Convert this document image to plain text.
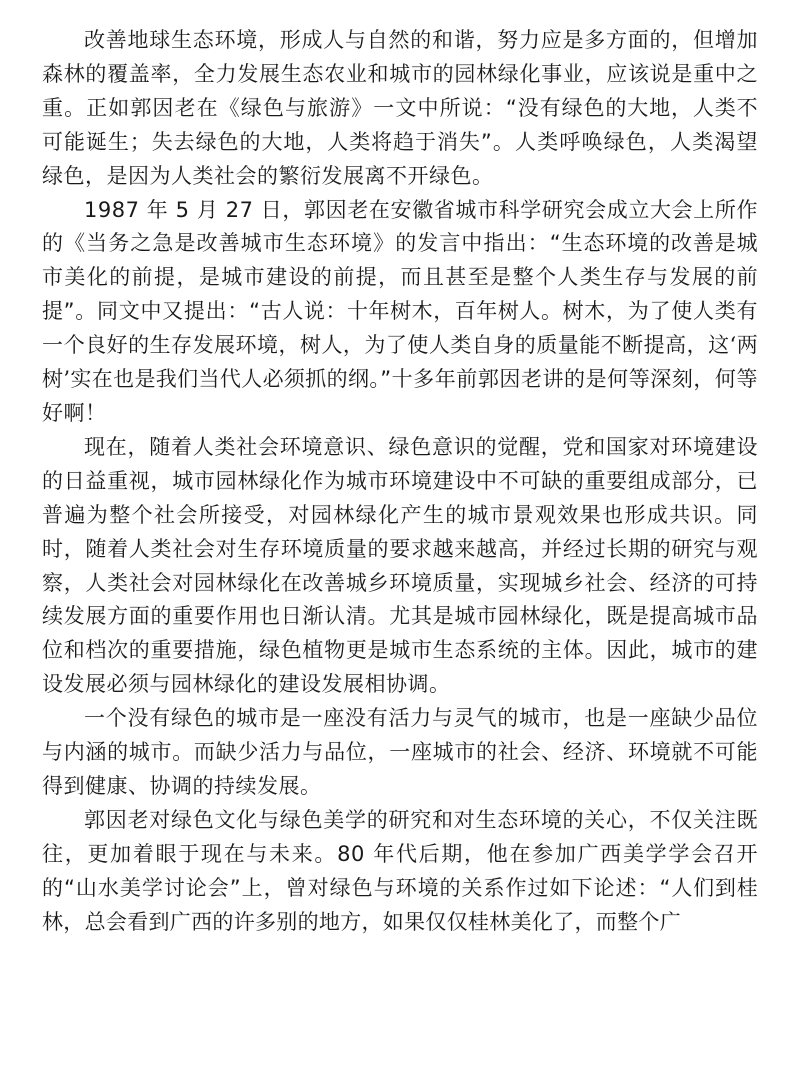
改善地球生态环境，形成人与自然的和谐，努力应是多方面的，但增加森林的覆盖率，全力发展生态农业和城市的园林绿化事业，应该说是重中之重。正如郭因老在《绿色与旅游》一文中所说：“没有绿色的大地，人类不可能诞生；失去绿色的大地，人类将趋于消失”。人类呼唤绿色，人类渴望绿色，是因为人类社会的繁衍发展离不开绿色。

1987 年 5 月 27 日，郭因老在安徽省城市科学研究会成立大会上所作的《当务之急是改善城市生态环境》的发言中指出：“生态环境的改善是城市美化的前提，是城市建设的前提，而且甚至是整个人类生存与发展的前提”。同文中又提出：“古人说：十年树木，百年树人。树木，为了使人类有一个良好的生存发展环境，树人，为了使人类自身的质量能不断提高，这‘两树’实在也是我们当代人必须抓的纲。”十多年前郭因老讲的是何等深刻，何等好啊！

现在，随着人类社会环境意识、绿色意识的觉醒，党和国家对环境建设的日益重视，城市园林绿化作为城市环境建设中不可缺的重要组成部分，已普遍为整个社会所接受，对园林绿化产生的城市景观效果也形成共识。同时，随着人类社会对生存环境质量的要求越来越高，并经过长期的研究与观察，人类社会对园林绿化在改善城乡环境质量，实现城乡社会、经济的可持续发展方面的重要作用也日渐认清。尤其是城市园林绿化，既是提高城市品位和档次的重要措施，绿色植物更是城市生态系统的主体。因此，城市的建设发展必须与园林绿化的建设发展相协调。

一个没有绿色的城市是一座没有活力与灵气的城市，也是一座缺少品位与内涵的城市。而缺少活力与品位，一座城市的社会、经济、环境就不可能得到健康、协调的持续发展。

郭因老对绿色文化与绿色美学的研究和对生态环境的关心，不仅关注既往，更加着眼于现在与未来。80 年代后期，他在参加广西美学学会召开的“山水美学讨论会”上，曾对绿色与环境的关系作过如下论述：“人们到桂林，总会看到广西的许多别的地方，如果仅仅桂林美化了，而整个广
